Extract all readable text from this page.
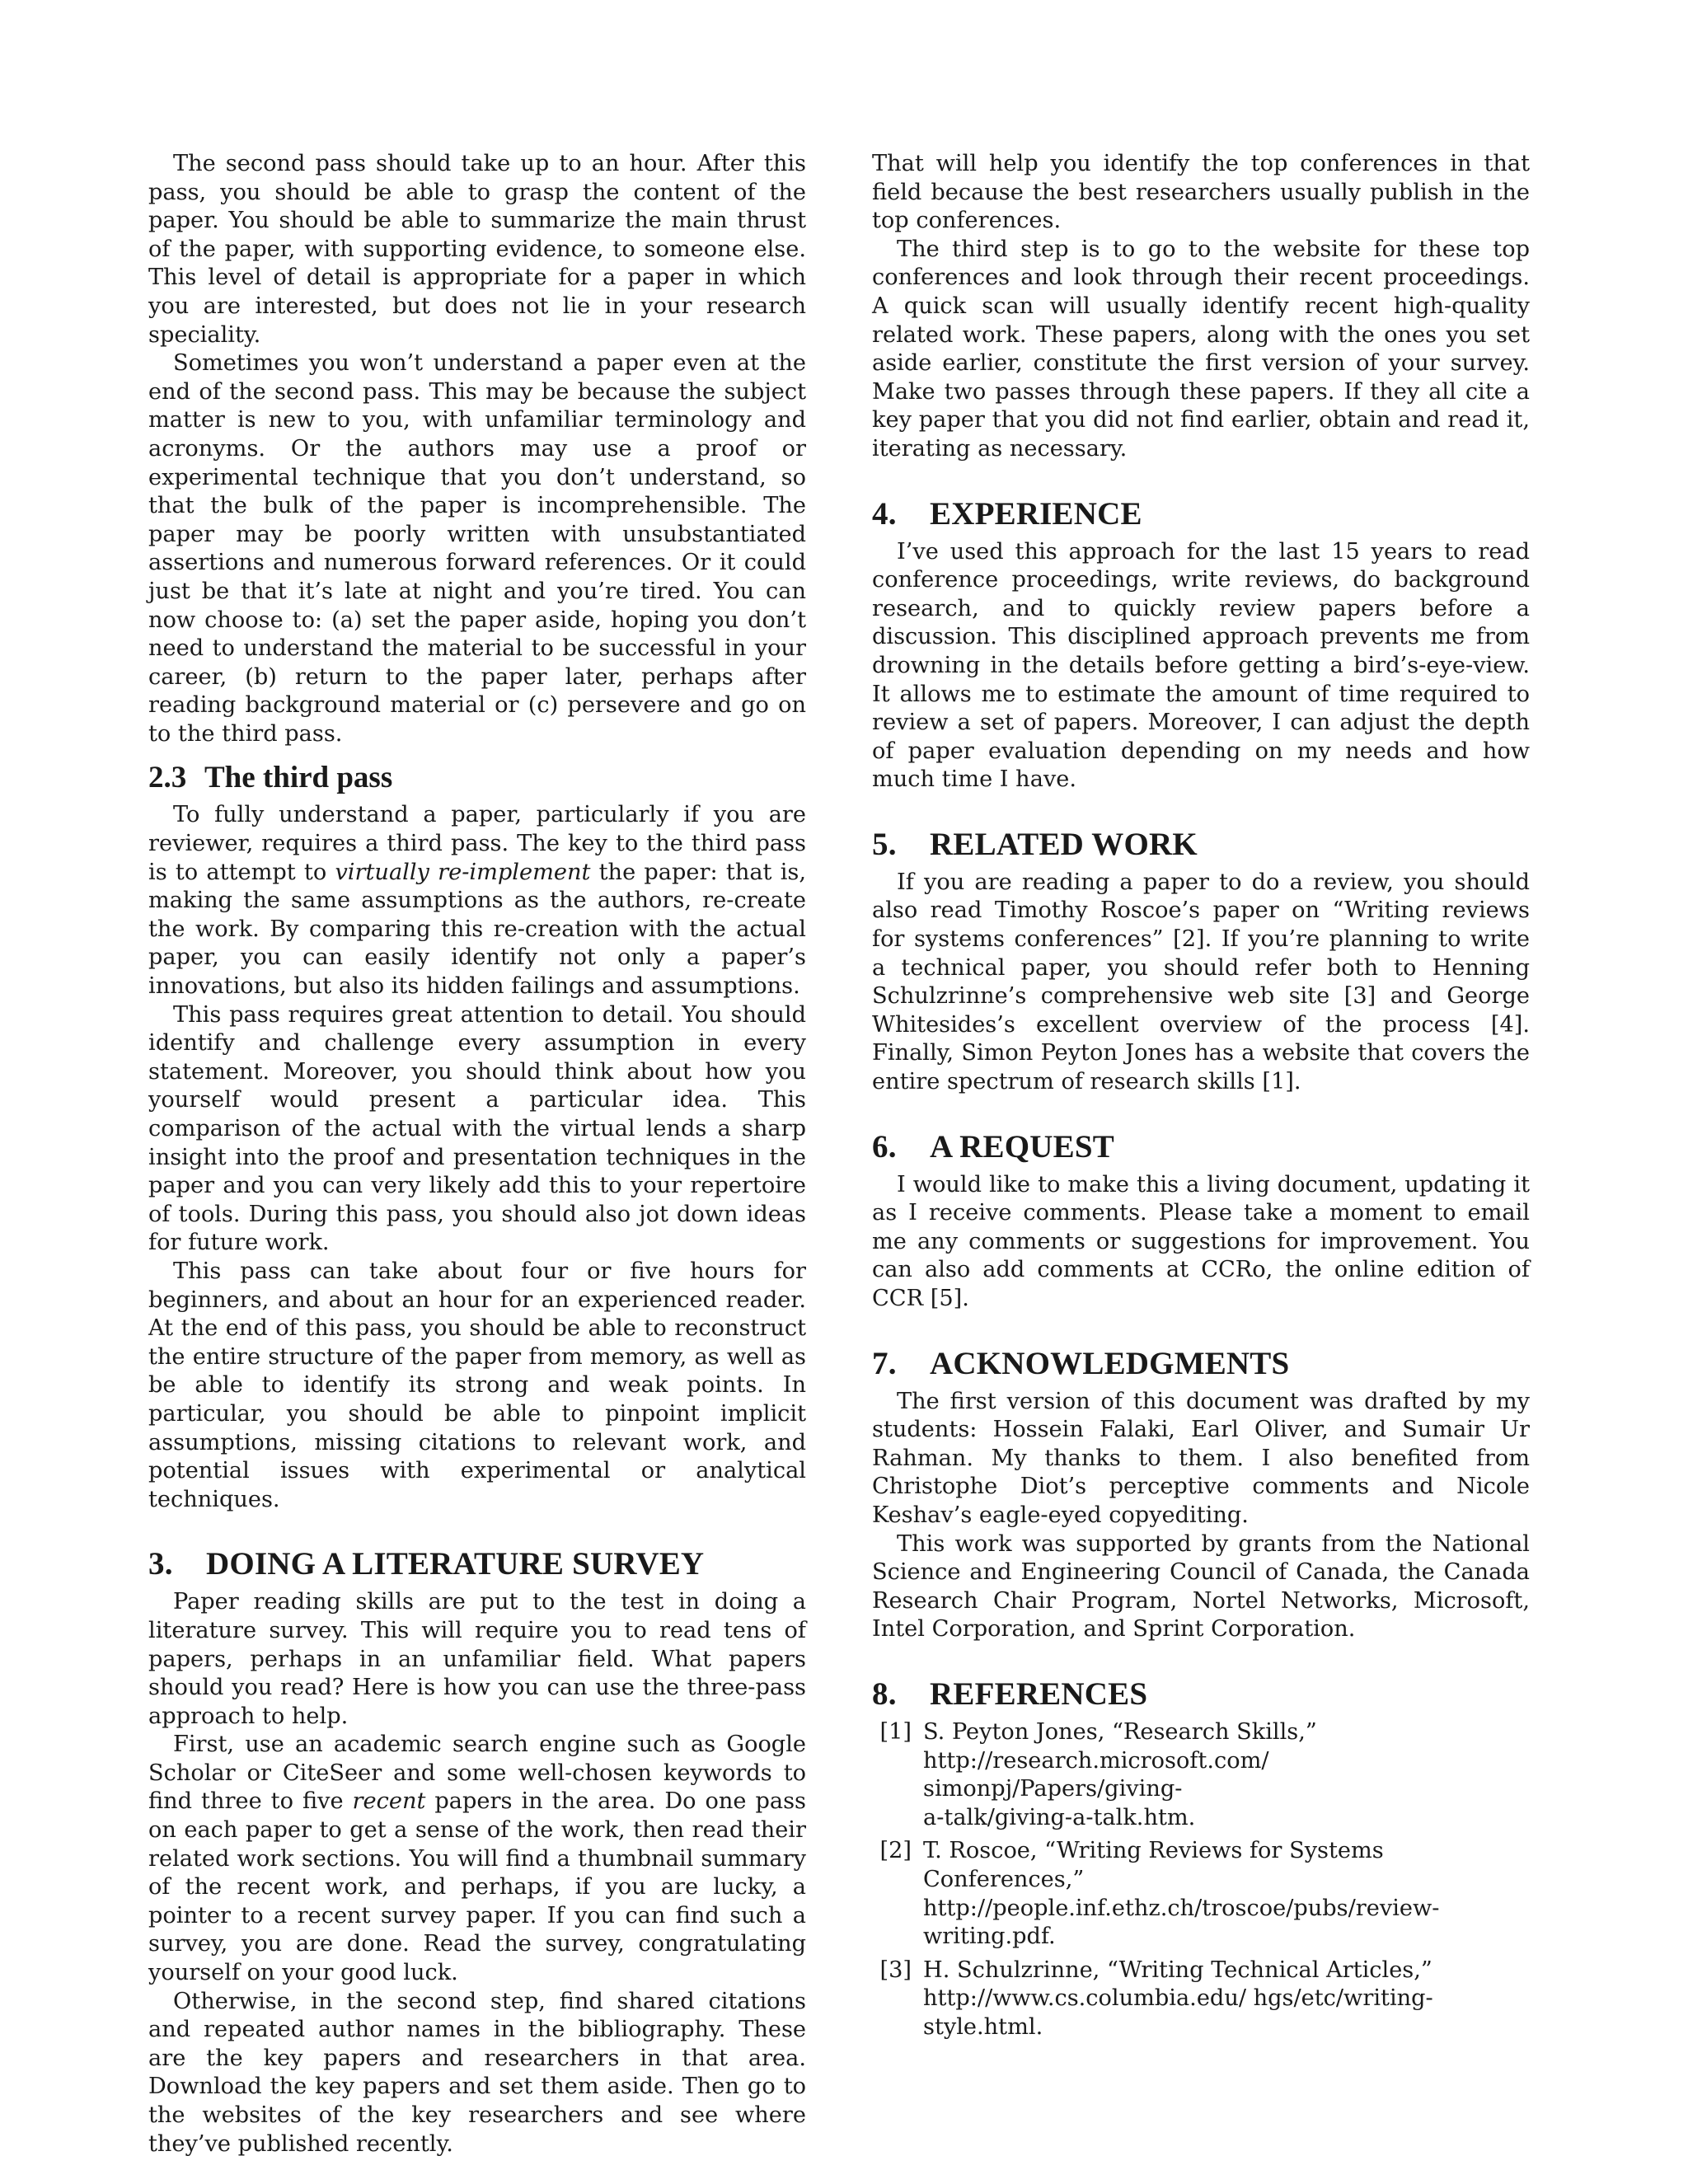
The second pass should take up to an hour. After this pass, you should be able to grasp the content of the paper. You should be able to summarize the main thrust of the paper, with supporting evidence, to someone else. This level of detail is appropriate for a paper in which you are interested, but does not lie in your research speciality.

Sometimes you won’t understand a paper even at the end of the second pass. This may be because the subject matter is new to you, with unfamiliar terminology and acronyms. Or the authors may use a proof or experimental technique that you don’t understand, so that the bulk of the paper is incomprehensible. The paper may be poorly written with unsubstantiated assertions and numerous forward references. Or it could just be that it’s late at night and you’re tired. You can now choose to: (a) set the paper aside, hoping you don’t need to understand the material to be successful in your career, (b) return to the paper later, perhaps after reading background material or (c) persevere and go on to the third pass.

2.3 The third pass

To fully understand a paper, particularly if you are reviewer, requires a third pass. The key to the third pass is to attempt to virtually re-implement the paper: that is, making the same assumptions as the authors, re-create the work. By comparing this re-creation with the actual paper, you can easily identify not only a paper’s innovations, but also its hidden failings and assumptions.

This pass requires great attention to detail. You should identify and challenge every assumption in every statement. Moreover, you should think about how you yourself would present a particular idea. This comparison of the actual with the virtual lends a sharp insight into the proof and presentation techniques in the paper and you can very likely add this to your repertoire of tools. During this pass, you should also jot down ideas for future work.

This pass can take about four or five hours for beginners, and about an hour for an experienced reader. At the end of this pass, you should be able to reconstruct the entire structure of the paper from memory, as well as be able to identify its strong and weak points. In particular, you should be able to pinpoint implicit assumptions, missing citations to relevant work, and potential issues with experimental or analytical techniques.

3. DOING A LITERATURE SURVEY

Paper reading skills are put to the test in doing a literature survey. This will require you to read tens of papers, perhaps in an unfamiliar field. What papers should you read? Here is how you can use the three-pass approach to help.

First, use an academic search engine such as Google Scholar or CiteSeer and some well-chosen keywords to find three to five recent papers in the area. Do one pass on each paper to get a sense of the work, then read their related work sections. You will find a thumbnail summary of the recent work, and perhaps, if you are lucky, a pointer to a recent survey paper. If you can find such a survey, you are done. Read the survey, congratulating yourself on your good luck.

Otherwise, in the second step, find shared citations and repeated author names in the bibliography. These are the key papers and researchers in that area. Download the key papers and set them aside. Then go to the websites of the key researchers and see where they’ve published recently.

That will help you identify the top conferences in that field because the best researchers usually publish in the top conferences.

The third step is to go to the website for these top conferences and look through their recent proceedings. A quick scan will usually identify recent high-quality related work. These papers, along with the ones you set aside earlier, constitute the first version of your survey. Make two passes through these papers. If they all cite a key paper that you did not find earlier, obtain and read it, iterating as necessary.

4. EXPERIENCE

I’ve used this approach for the last 15 years to read conference proceedings, write reviews, do background research, and to quickly review papers before a discussion. This disciplined approach prevents me from drowning in the details before getting a bird’s-eye-view. It allows me to estimate the amount of time required to review a set of papers. Moreover, I can adjust the depth of paper evaluation depending on my needs and how much time I have.

5. RELATED WORK

If you are reading a paper to do a review, you should also read Timothy Roscoe’s paper on “Writing reviews for systems conferences” [2]. If you’re planning to write a technical paper, you should refer both to Henning Schulzrinne’s comprehensive web site [3] and George Whitesides’s excellent overview of the process [4]. Finally, Simon Peyton Jones has a website that covers the entire spectrum of research skills [1].

6. A REQUEST

I would like to make this a living document, updating it as I receive comments. Please take a moment to email me any comments or suggestions for improvement. You can also add comments at CCRo, the online edition of CCR [5].

7. ACKNOWLEDGMENTS

The first version of this document was drafted by my students: Hossein Falaki, Earl Oliver, and Sumair Ur Rahman. My thanks to them. I also benefited from Christophe Diot’s perceptive comments and Nicole Keshav’s eagle-eyed copyediting.

This work was supported by grants from the National Science and Engineering Council of Canada, the Canada Research Chair Program, Nortel Networks, Microsoft, Intel Corporation, and Sprint Corporation.

8. REFERENCES
[1] S. Peyton Jones, “Research Skills,”
http://research.microsoft.com/ simonpj/Papers/giving-
a-talk/giving-a-talk.htm.
[2] T. Roscoe, “Writing Reviews for Systems
Conferences,”
http://people.inf.ethz.ch/troscoe/pubs/review-
writing.pdf.
[3] H. Schulzrinne, “Writing Technical Articles,”
http://www.cs.columbia.edu/ hgs/etc/writing-
style.html.
